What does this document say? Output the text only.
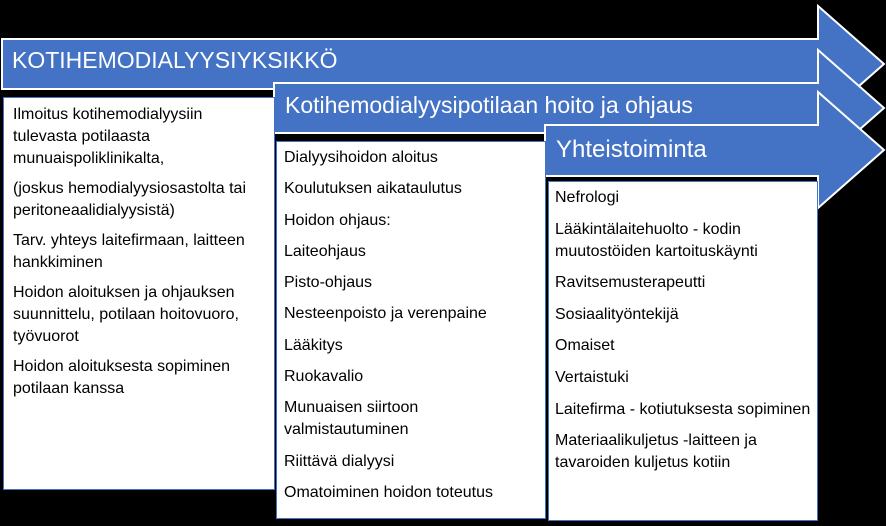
KOTIHEMODIALYYSIYKSIKKÖ
Kotihemodialyysipotilaan hoito ja ohjaus
Yhteistoiminta
Ilmoitus kotihemodialyysiin tulevasta potilaasta munuaispoliklinikalta,
(joskus hemodialyysiosastolta tai peritoneaalidialyysistä)
Tarv. yhteys laitefirmaan, laitteen hankkiminen
Hoidon aloituksen ja ohjauksen suunnittelu, potilaan hoitovuoro, työvuorot
Hoidon aloituksesta sopiminen potilaan kanssa
Dialyysihoidon aloitus
Koulutuksen aikataulutus
Hoidon ohjaus:
Laiteohjaus
Pisto-ohjaus
Nesteenpoisto ja verenpaine
Lääkitys
Ruokavalio
Munuaisen siirtoon valmistautuminen
Riittävä dialyysi
Omatoiminen hoidon toteutus
Nefrologi
Lääkintälaitehuolto - kodin muutostöiden kartoituskäynti
Ravitsemusterapeutti
Sosiaalityöntekijä
Omaiset
Vertaistuki
Laitefirma - kotiutuksesta sopiminen
Materiaalikuljetus -laitteen ja tavaroiden kuljetus kotiin
